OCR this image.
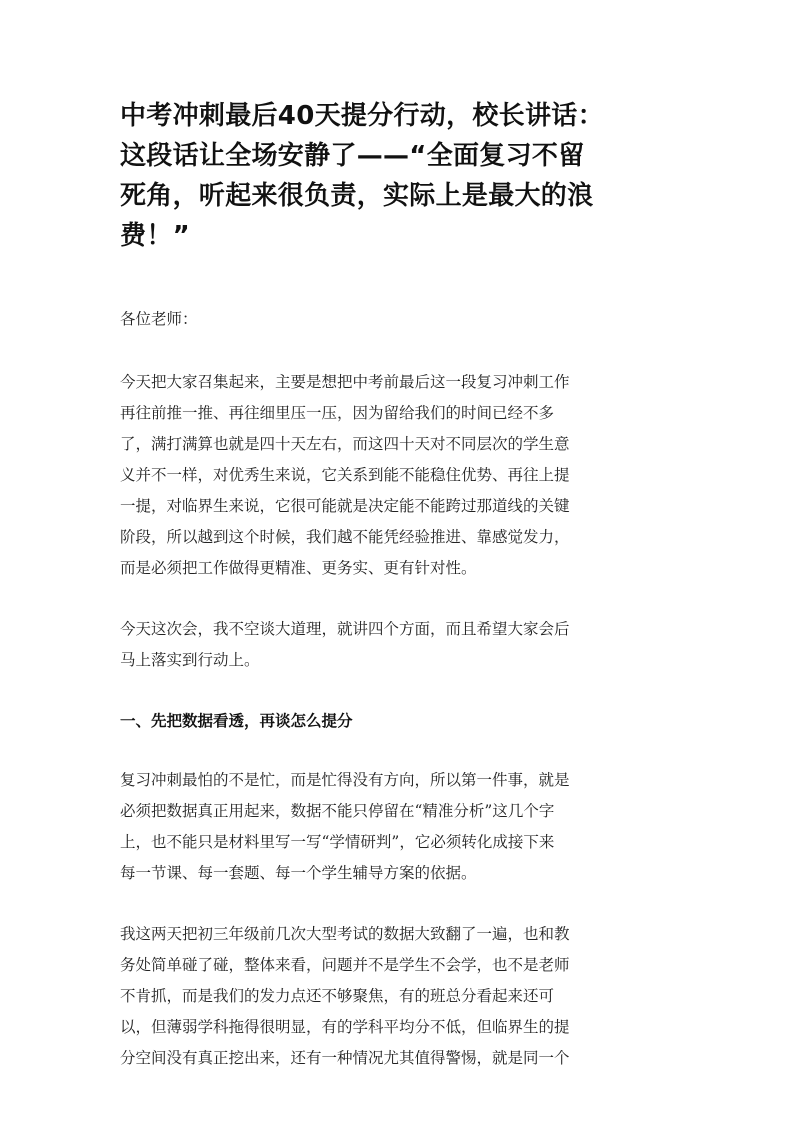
中考冲刺最后40天提分行动，校长讲话：
这段话让全场安静了——“全面复习不留
死角，听起来很负责，实际上是最大的浪
费！”

各位老师：

今天把大家召集起来，主要是想把中考前最后这一段复习冲刺工作
再往前推一推、再往细里压一压，因为留给我们的时间已经不多
了，满打满算也就是四十天左右，而这四十天对不同层次的学生意
义并不一样，对优秀生来说，它关系到能不能稳住优势、再往上提
一提，对临界生来说，它很可能就是决定能不能跨过那道线的关键
阶段，所以越到这个时候，我们越不能凭经验推进、靠感觉发力，
而是必须把工作做得更精准、更务实、更有针对性。

今天这次会，我不空谈大道理，就讲四个方面，而且希望大家会后
马上落实到行动上。

一、先把数据看透，再谈怎么提分

复习冲刺最怕的不是忙，而是忙得没有方向，所以第一件事，就是
必须把数据真正用起来，数据不能只停留在“精准分析”这几个字
上，也不能只是材料里写一写“学情研判”，它必须转化成接下来
每一节课、每一套题、每一个学生辅导方案的依据。

我这两天把初三年级前几次大型考试的数据大致翻了一遍，也和教
务处简单碰了碰，整体来看，问题并不是学生不会学，也不是老师
不肯抓，而是我们的发力点还不够聚焦，有的班总分看起来还可
以，但薄弱学科拖得很明显，有的学科平均分不低，但临界生的提
分空间没有真正挖出来，还有一种情况尤其值得警惕，就是同一个
